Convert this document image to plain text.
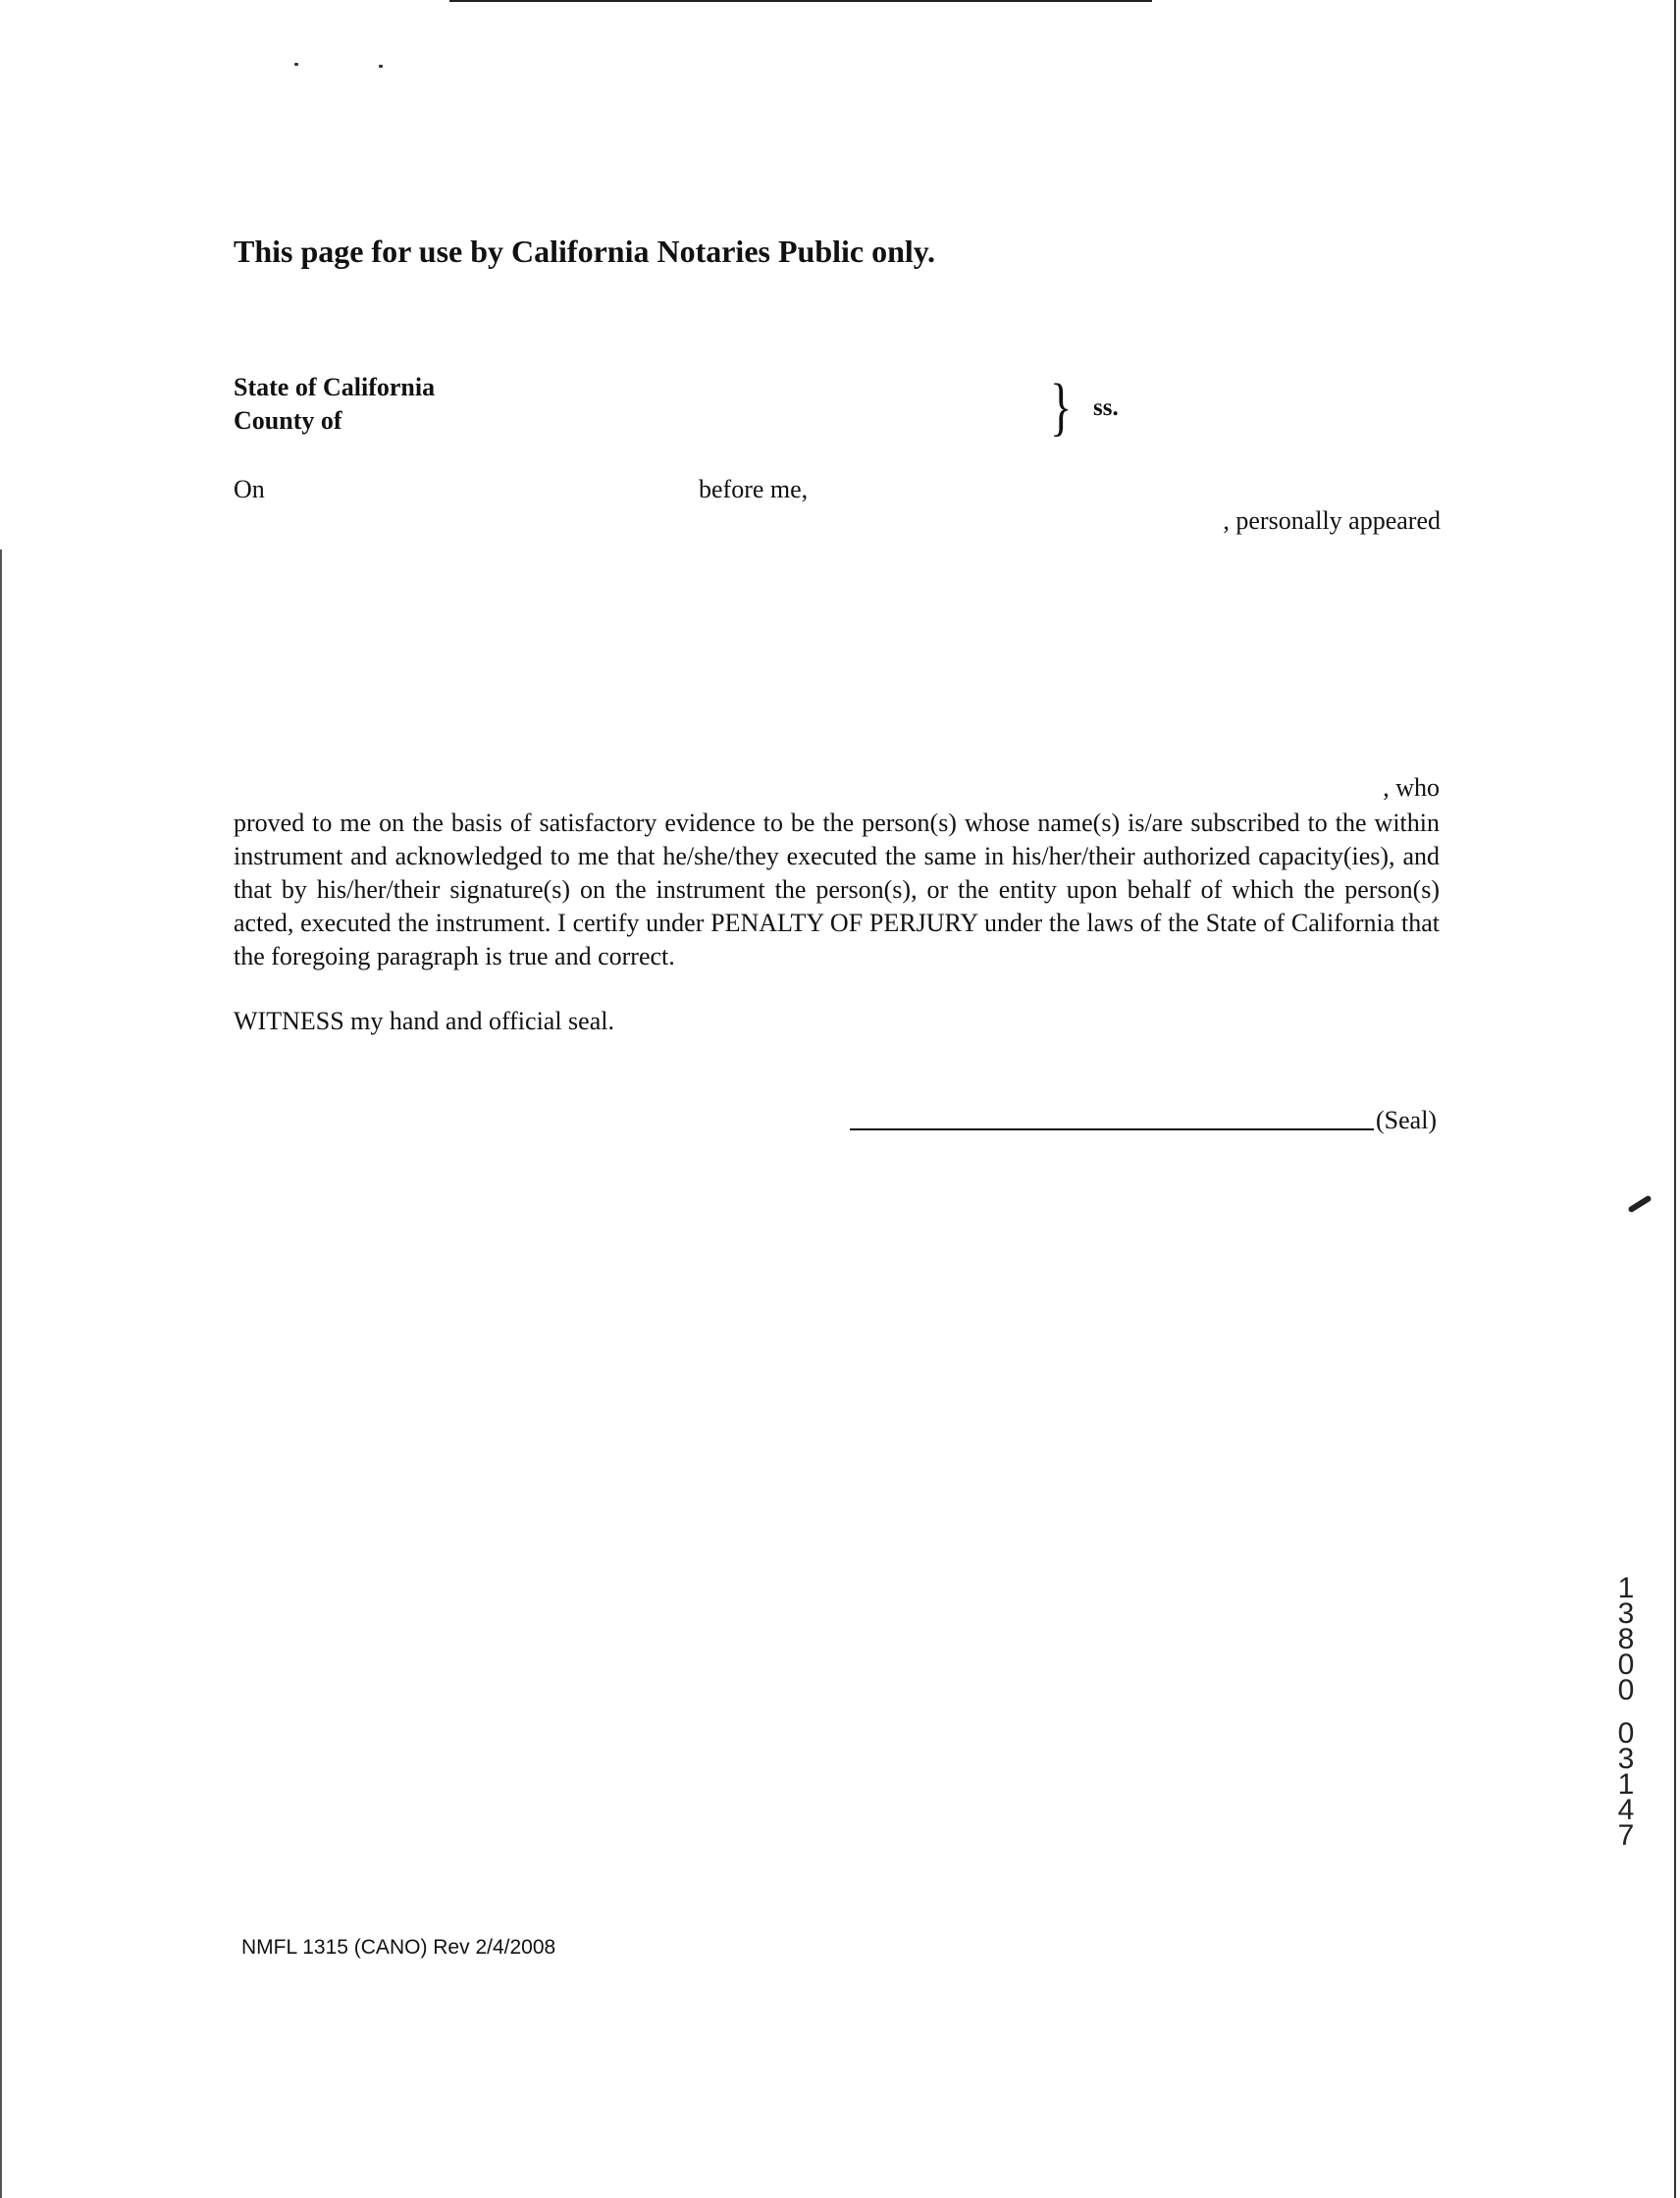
This page for use by California Notaries Public only.
State of California
County of	} ss.
On	before me,
, personally appeared
, who
proved to me on the basis of satisfactory evidence to be the person(s) whose name(s) is/are subscribed to the within instrument and acknowledged to me that he/she/they executed the same in his/her/their authorized capacity(ies), and that by his/her/their signature(s) on the instrument the person(s), or the entity upon behalf of which the person(s) acted, executed the instrument. I certify under PENALTY OF PERJURY under the laws of the State of California that the foregoing paragraph is true and correct.
WITNESS my hand and official seal.
(Seal)
1
3
8
0
0

0
3
1
4
7
NMFL 1315 (CANO) Rev 2/4/2008
